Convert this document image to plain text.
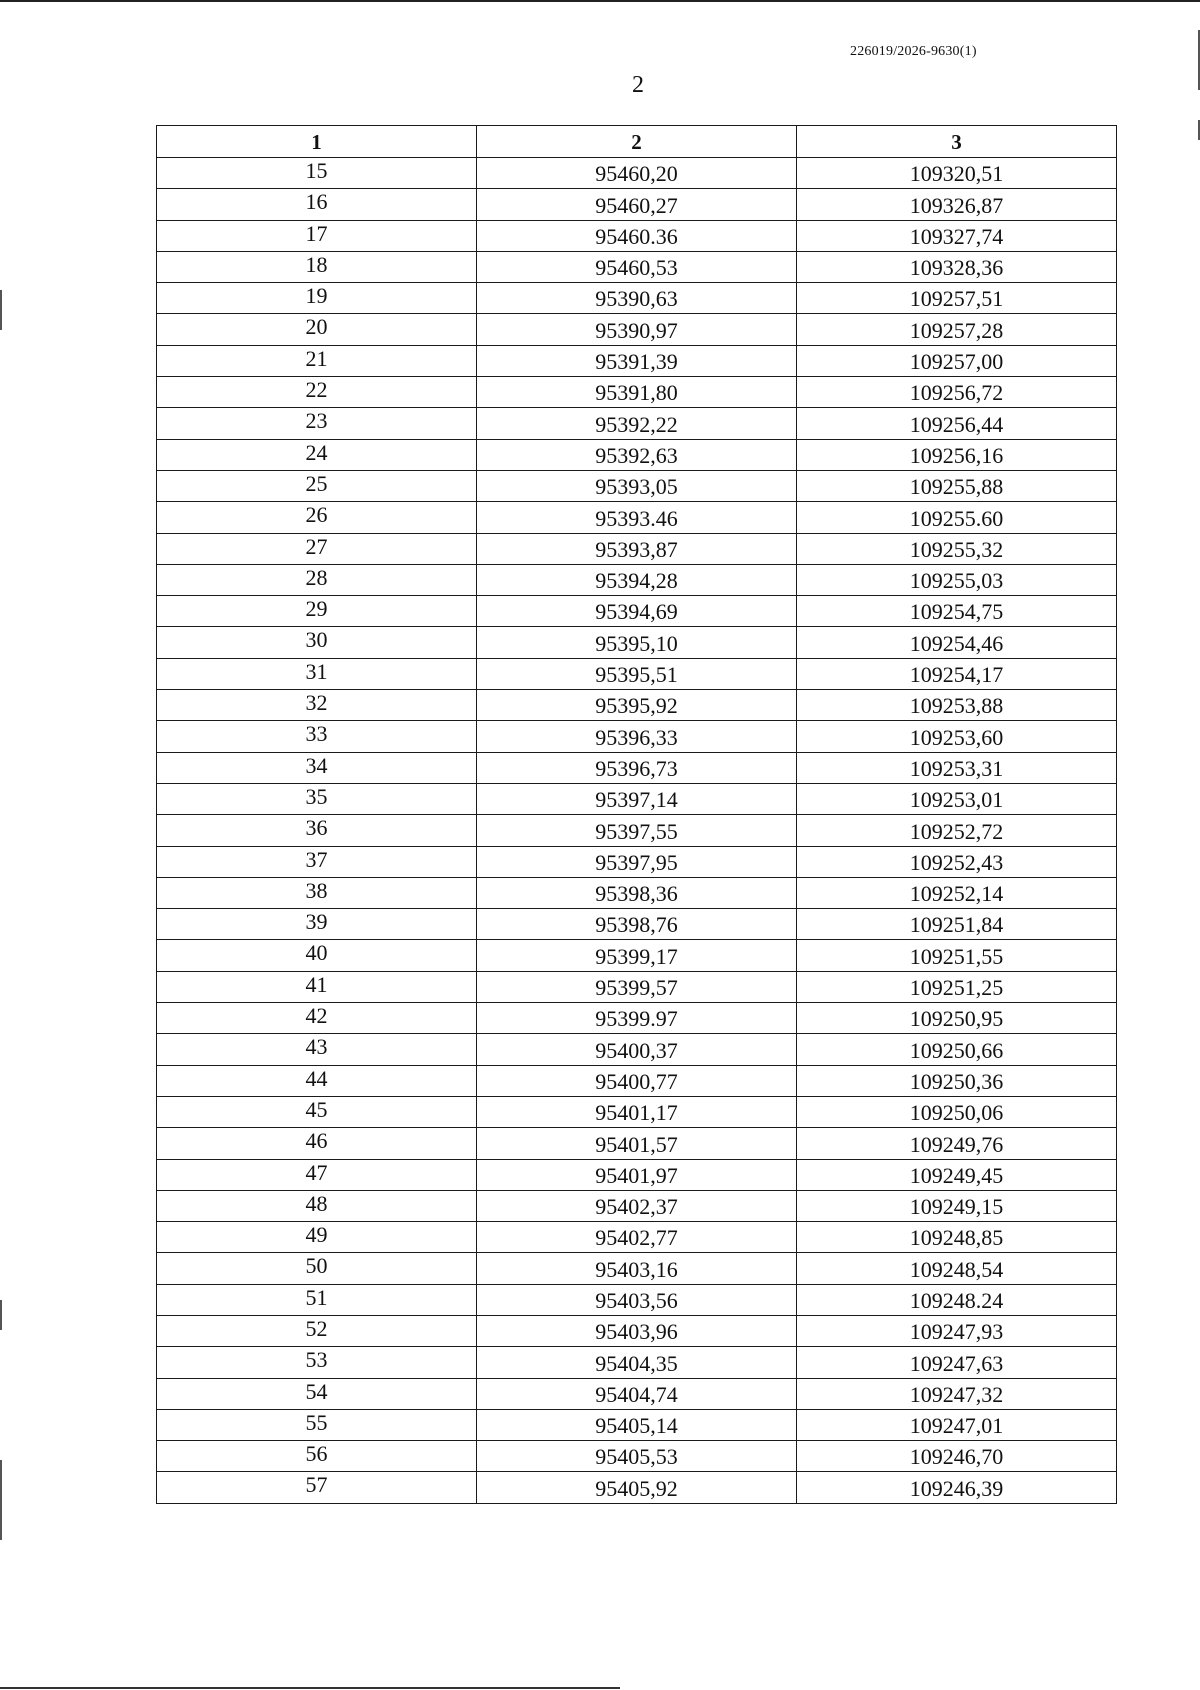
226019/2026-9630(1)
2
1	2	3
15	95460,20	109320,51
16	95460,27	109326,87
17	95460.36	109327,74
18	95460,53	109328,36
19	95390,63	109257,51
20	95390,97	109257,28
21	95391,39	109257,00
22	95391,80	109256,72
23	95392,22	109256,44
24	95392,63	109256,16
25	95393,05	109255,88
26	95393.46	109255.60
27	95393,87	109255,32
28	95394,28	109255,03
29	95394,69	109254,75
30	95395,10	109254,46
31	95395,51	109254,17
32	95395,92	109253,88
33	95396,33	109253,60
34	95396,73	109253,31
35	95397,14	109253,01
36	95397,55	109252,72
37	95397,95	109252,43
38	95398,36	109252,14
39	95398,76	109251,84
40	95399,17	109251,55
41	95399,57	109251,25
42	95399.97	109250,95
43	95400,37	109250,66
44	95400,77	109250,36
45	95401,17	109250,06
46	95401,57	109249,76
47	95401,97	109249,45
48	95402,37	109249,15
49	95402,77	109248,85
50	95403,16	109248,54
51	95403,56	109248.24
52	95403,96	109247,93
53	95404,35	109247,63
54	95404,74	109247,32
55	95405,14	109247,01
56	95405,53	109246,70
57	95405,92	109246,39
